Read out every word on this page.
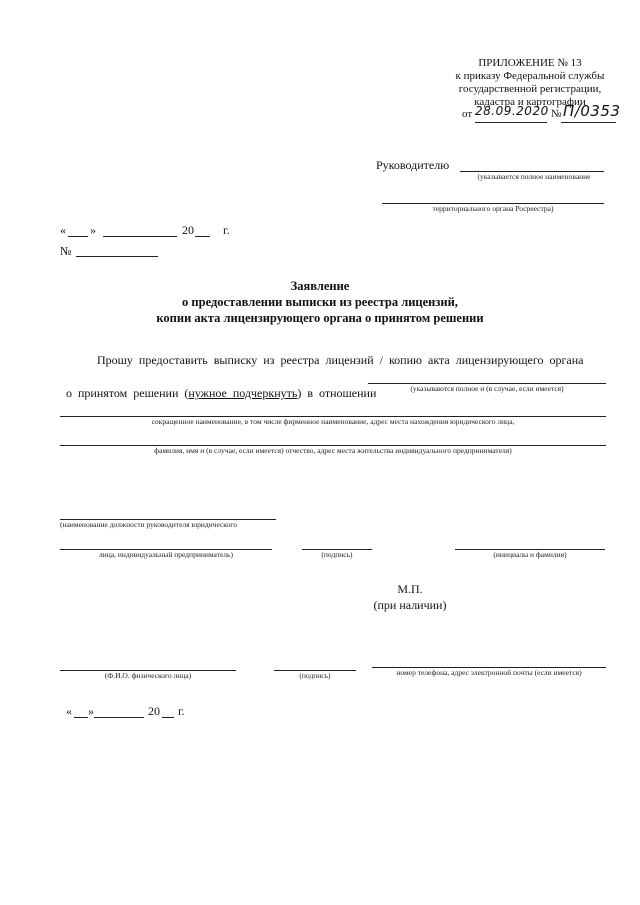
ПРИЛОЖЕНИЕ № 13
к приказу Федеральной службы
государственной регистрации,
кадастра и картографии
от 28.09.2020 № П/0353
Руководителю
(указывается полное наименование
территориального органа Росреестра)
« »	20 г.
№
Заявление
о предоставлении выписки из реестра лицензий,
копии акта лицензирующего органа о принятом решении
Прошу  предоставить  выписку  из  реестра  лицензий  /  копию  акта  лицензирующего  органа

о  принятом  решении  (нужное  подчеркнуть)  в  отношении	(указываются полное и (в случае, если имеется)
сокращенное наименование, в том числе фирменное наименование, адрес места нахождения юридического лица,
фамилия, имя и (в случае, если имеется) отчество, адрес места жительства индивидуального предпринимателя)
(наименование должности руководителя юридического
лица, индивидуальный предприниматель)	(подпись)	(инициалы и фамилия)
М.П.
(при наличии)
(Ф.И.О. физического лица)	(подпись)	номер телефона, адрес электронной почты (если имеется)
« »	20 г.
